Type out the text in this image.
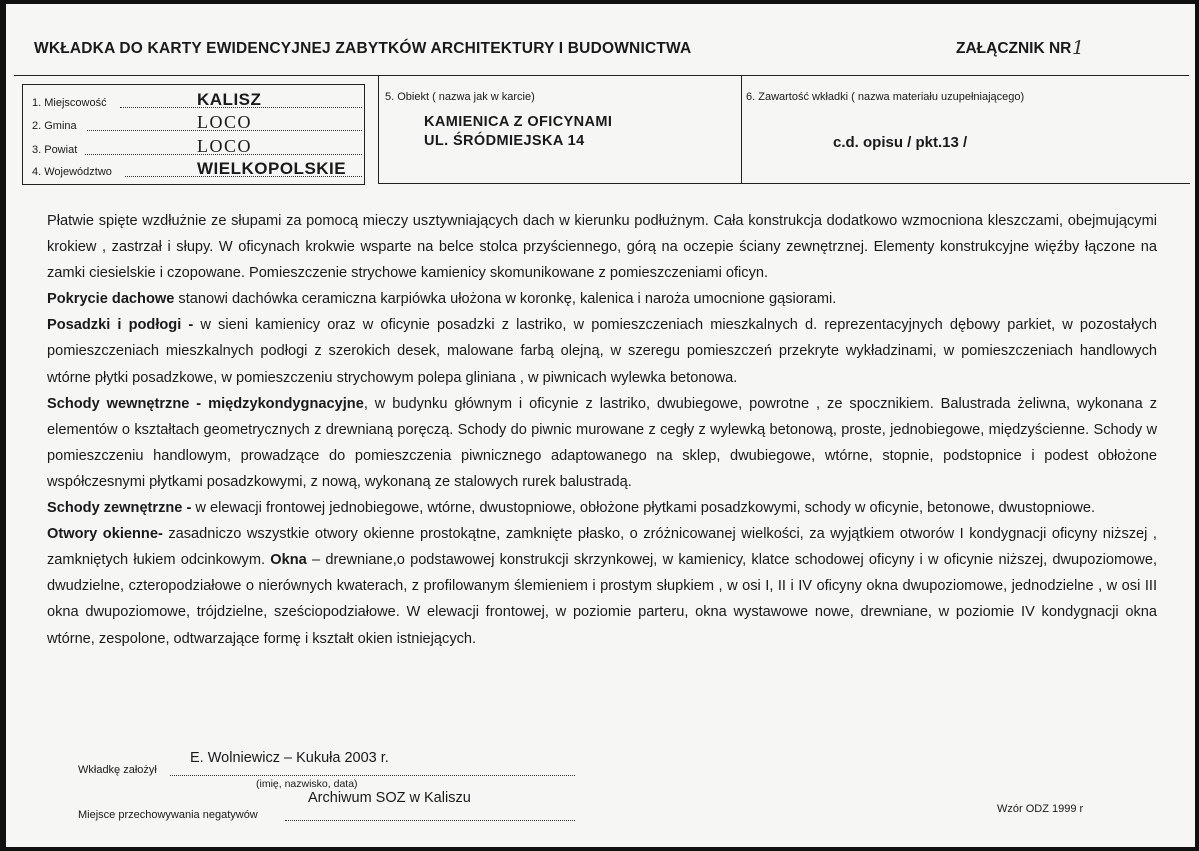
WKŁADKA DO KARTY EWIDENCYJNEJ ZABYTKÓW ARCHITEKTURY I BUDOWNICTWA	ZAŁĄCZNIK NR 1
1. Miejscowość	KALISZ
2. Gmina	LOCO
3. Powiat	LOCO
4. Województwo	WIELKOPOLSKIE
5. Obiekt ( nazwa jak w karcie)
KAMIENICA Z OFICYNAMI
UL. ŚRÓDMIEJSKA 14
6. Zawartość wkładki ( nazwa materiału uzupełniającego)
c.d. opisu / pkt.13 /

Płatwie spięte wzdłużnie ze słupami za pomocą mieczy usztywniających dach w kierunku podłużnym. Cała konstrukcja dodatkowo wzmocniona kleszczami, obejmującymi krokiew , zastrzał i słupy. W oficynach krokwie wsparte na belce stolca przyściennego, górą na oczepie ściany zewnętrznej. Elementy konstrukcyjne więźby łączone na zamki ciesielskie i czopowane. Pomieszczenie strychowe kamienicy skomunikowane z pomieszczeniami oficyn.

Pokrycie dachowe stanowi dachówka ceramiczna karpiówka ułożona w koronkę, kalenica i naroża umocnione gąsiorami.

Posadzki i podłogi - w sieni kamienicy oraz w oficynie posadzki z lastriko, w pomieszczeniach mieszkalnych d. reprezentacyjnych dębowy parkiet, w pozostałych pomieszczeniach mieszkalnych podłogi z szerokich desek, malowane farbą olejną, w szeregu pomieszczeń przekryte wykładzinami, w pomieszczeniach handlowych wtórne płytki posadzkowe, w pomieszczeniu strychowym polepa gliniana , w piwnicach wylewka betonowa.

Schody wewnętrzne - międzykondygnacyjne, w budynku głównym i oficynie z lastriko, dwubiegowe, powrotne , ze spocznikiem. Balustrada żeliwna, wykonana z elementów o kształtach geometrycznych z drewnianą poręczą. Schody do piwnic murowane z cegły z wylewką betonową, proste, jednobiegowe, międzyścienne. Schody w pomieszczeniu handlowym, prowadzące do pomieszczenia piwnicznego adaptowanego na sklep, dwubiegowe, wtórne, stopnie, podstopnice i podest obłożone współczesnymi płytkami posadzkowymi, z nową, wykonaną ze stalowych rurek balustradą.

Schody zewnętrzne - w elewacji frontowej jednobiegowe, wtórne, dwustopniowe, obłożone płytkami posadzkowymi, schody w oficynie, betonowe, dwustopniowe.

Otwory okienne- zasadniczo wszystkie otwory okienne prostokątne, zamknięte płasko, o zróżnicowanej wielkości, za wyjątkiem otworów I kondygnacji oficyny niższej , zamkniętych łukiem odcinkowym. Okna – drewniane,o podstawowej konstrukcji skrzynkowej, w kamienicy, klatce schodowej oficyny i w oficynie niższej, dwupoziomowe, dwudzielne, czteropodziałowe o nierównych kwaterach, z profilowanym ślemieniem i prostym słupkiem , w osi I, II i IV oficyny okna dwupoziomowe, jednodzielne , w osi III okna dwupoziomowe, trójdzielne, sześciopodziałowe. W elewacji frontowej, w poziomie parteru, okna wystawowe nowe, drewniane, w poziomie IV kondygnacji okna wtórne, zespolone, odtwarzające formę i kształt okien istniejących.

Wkładkę założył
E. Wolniewicz – Kukuła 2003 r.
(imię, nazwisko, data)
Miejsce przechowywania negatywów
Archiwum SOZ w Kaliszu
Wzór ODZ 1999 r
